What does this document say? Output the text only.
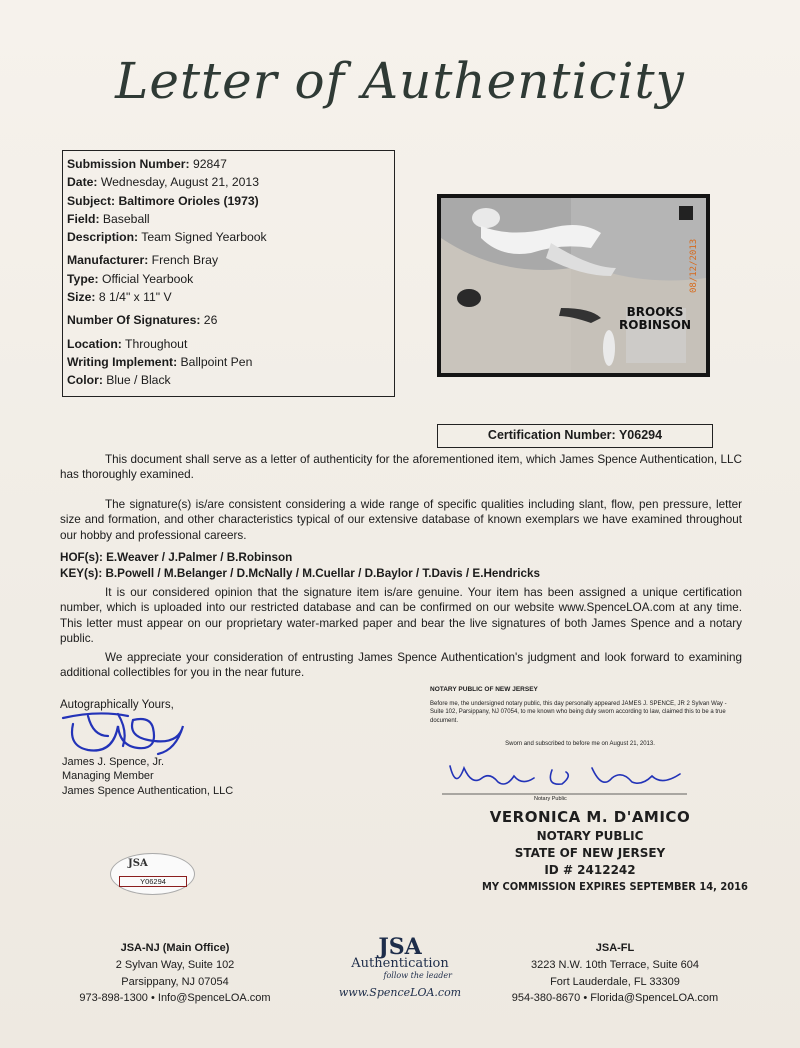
Letter of Authenticity
Submission Number: 92847
Date: Wednesday, August 21, 2013
Subject: Baltimore Orioles (1973)
Field: Baseball
Description: Team Signed Yearbook
Manufacturer: French Bray
Type: Official Yearbook
Size: 8 1/4" x 11" V
Number Of Signatures: 26
Location: Throughout
Writing Implement: Ballpoint Pen
Color: Blue / Black
BROOKS
ROBINSON
08/12/2013
Certification Number: Y06294
This document shall serve as a letter of authenticity for the aforementioned item, which James Spence Authentication, LLC has thoroughly examined.
The signature(s) is/are consistent considering a wide range of specific qualities including slant, flow, pen pressure, letter size and formation, and other characteristics typical of our extensive database of known exemplars we have examined throughout our hobby and professional careers.
HOF(s): E.Weaver / J.Palmer / B.Robinson
KEY(s): B.Powell / M.Belanger / D.McNally / M.Cuellar / D.Baylor / T.Davis / E.Hendricks
It is our considered opinion that the signature item is/are genuine. Your item has been assigned a unique certification number, which is uploaded into our restricted database and can be confirmed on our website www.SpenceLOA.com at any time. This letter must appear on our proprietary water-marked paper and bear the live signatures of both James Spence and a notary public.
We appreciate your consideration of entrusting James Spence Authentication's judgment and look forward to examining additional collectibles for you in the near future.
Autographically Yours,
James J. Spence, Jr.
Managing Member
James Spence Authentication, LLC
NOTARY PUBLIC OF NEW JERSEY
Before me, the undersigned notary public, this day personally appeared JAMES J. SPENCE, JR 2 Sylvan Way - Suite 102, Parsippany, NJ 07054, to me known who being duly sworn according to law, claimed this to be a true document.
Sworn and subscribed to before me on August 21, 2013.
Notary Public
VERONICA M. D'AMICO
NOTARY PUBLIC
STATE OF NEW JERSEY
ID # 2412242
MY COMMISSION EXPIRES SEPTEMBER 14, 2016
JSA
Y06294
JSA-NJ (Main Office)
2 Sylvan Way, Suite 102
Parsippany, NJ 07054
973-898-1300 • Info@SpenceLOA.com
JSA
Authentication
follow the leader
www.SpenceLOA.com
JSA-FL
3223 N.W. 10th Terrace, Suite 604
Fort Lauderdale, FL 33309
954-380-8670 • Florida@SpenceLOA.com
